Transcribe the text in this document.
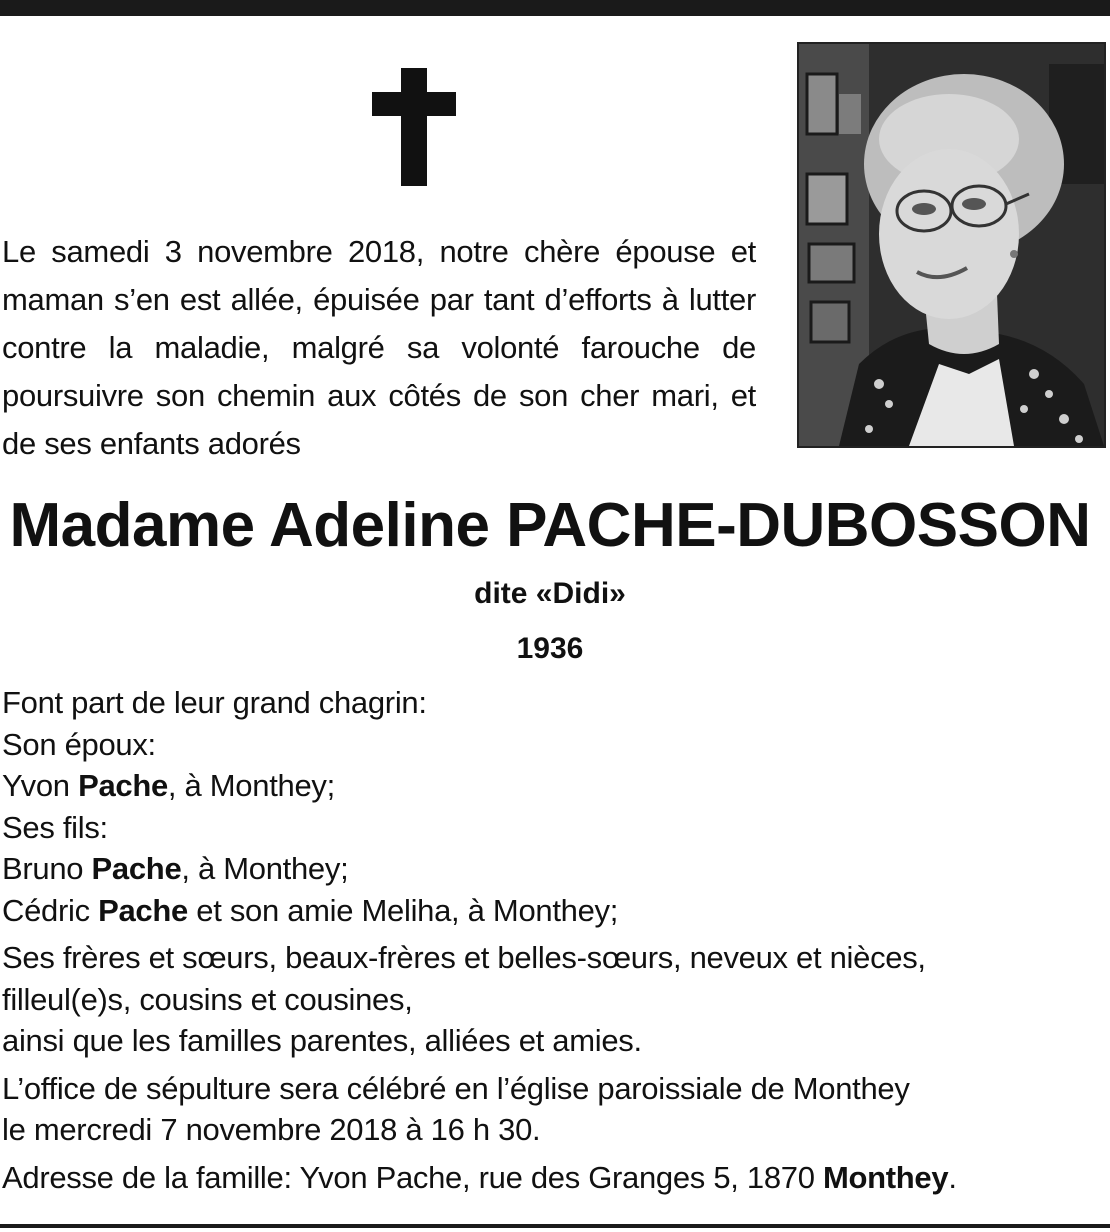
Le samedi 3 novembre 2018, notre chère épouse et maman s’en est allée, épuisée par tant d’efforts à lutter contre la maladie, malgré sa volonté farouche de poursuivre son chemin aux côtés de son cher mari, et de ses enfants adorés

Madame Adeline PACHE-DUBOSSON

dite «Didi»

1936

Font part de leur grand chagrin:

Son époux:

Yvon Pache, à Monthey;

Ses fils:

Bruno Pache, à Monthey;

Cédric Pache et son amie Meliha, à Monthey;

Ses frères et sœurs, beaux-frères et belles-sœurs, neveux et nièces,

filleul(e)s, cousins et cousines,

ainsi que les familles parentes, alliées et amies.

L’office de sépulture sera célébré en l’église paroissiale de Monthey

le mercredi 7 novembre 2018 à 16 h 30.

Adresse de la famille: Yvon Pache, rue des Granges 5, 1870 Monthey.
